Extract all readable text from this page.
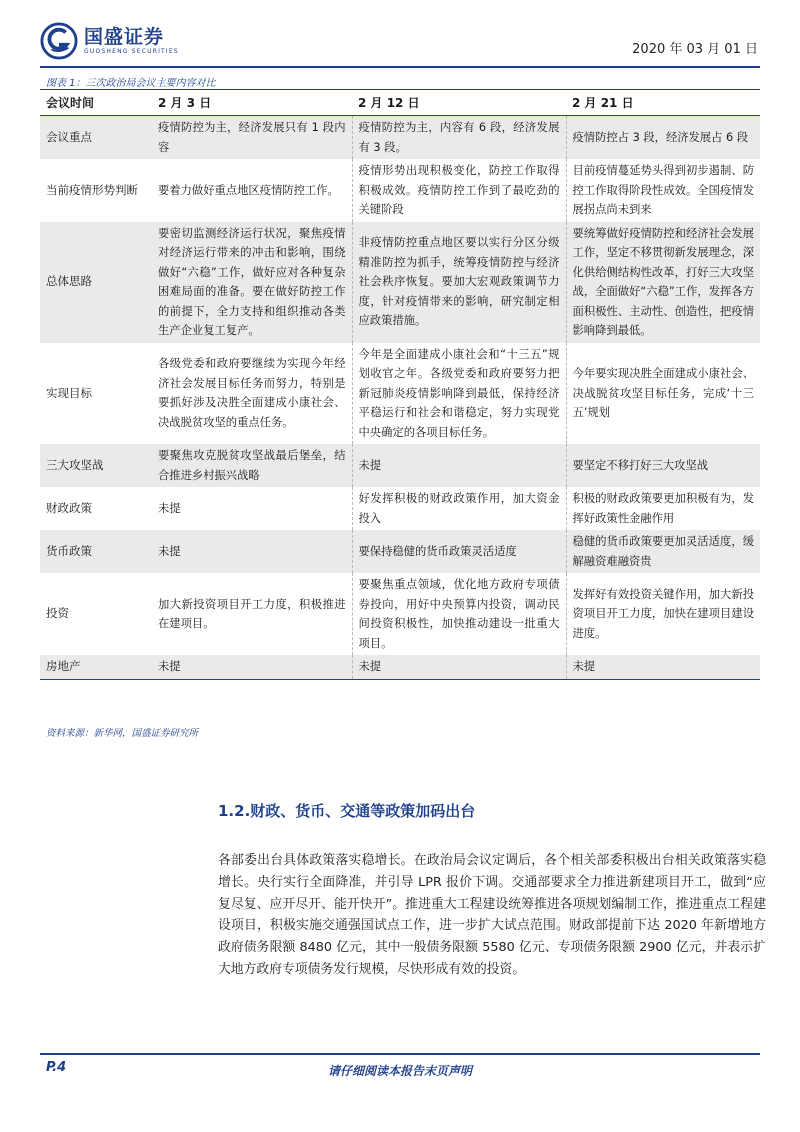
国盛证券
GUOSHENG SECURITIES	2020 年 03 月 01 日
图表 1：三次政治局会议主要内容对比
会议时间	2 月 3 日	2 月 12 日	2 月 21 日
会议重点	疫情防控为主，经济发展只有 1 段内容	疫情防控为主，内容有 6 段，经济发展有 3 段。	疫情防控占 3 段，经济发展占 6 段
当前疫情形势判断	要着力做好重点地区疫情防控工作。	疫情形势出现积极变化，防控工作取得积极成效。疫情防控工作到了最吃劲的关键阶段	目前疫情蔓延势头得到初步遏制、防控工作取得阶段性成效。全国疫情发展拐点尚未到来
总体思路	要密切监测经济运行状况，聚焦疫情对经济运行带来的冲击和影响，围绕做好“六稳”工作，做好应对各种复杂困难局面的准备。要在做好防控工作的前提下，全力支持和组织推动各类生产企业复工复产。	非疫情防控重点地区要以实行分区分级精准防控为抓手，统筹疫情防控与经济社会秩序恢复。要加大宏观政策调节力度，针对疫情带来的影响，研究制定相应政策措施。	要统筹做好疫情防控和经济社会发展工作，坚定不移贯彻新发展理念，深化供给侧结构性改革，打好三大攻坚战，全面做好“六稳”工作，发挥各方面积极性、主动性、创造性，把疫情影响降到最低。
实现目标	各级党委和政府要继续为实现今年经济社会发展目标任务而努力，特别是要抓好涉及决胜全面建成小康社会、决战脱贫攻坚的重点任务。	今年是全面建成小康社会和“十三五”规划收官之年。各级党委和政府要努力把新冠肺炎疫情影响降到最低，保持经济平稳运行和社会和谐稳定，努力实现党中央确定的各项目标任务。	今年要实现决胜全面建成小康社会、决战脱贫攻坚目标任务，完成‘十三五’规划
三大攻坚战	要聚焦攻克脱贫攻坚战最后堡垒，结合推进乡村振兴战略	未提	要坚定不移打好三大攻坚战
财政政策	未提	好发挥积极的财政政策作用，加大资金投入	积极的财政政策要更加积极有为，发挥好政策性金融作用
货币政策	未提	要保持稳健的货币政策灵活适度	稳健的货币政策要更加灵活适度，缓解融资难融资贵
投资	加大新投资项目开工力度，积极推进在建项目。	要聚焦重点领域，优化地方政府专项债券投向，用好中央预算内投资，调动民间投资积极性，加快推动建设一批重大项目。	发挥好有效投资关键作用，加大新投资项目开工力度，加快在建项目建设进度。
房地产	未提	未提	未提
资料来源：新华网，国盛证券研究所
1.2.财政、货币、交通等政策加码出台
各部委出台具体政策落实稳增长。在政治局会议定调后，各个相关部委积极出台相关政策落实稳增长。央行实行全面降准，并引导 LPR 报价下调。交通部要求全力推进新建项目开工，做到“应复尽复、应开尽开、能开快开”。推进重大工程建设统筹推进各项规划编制工作，推进重点工程建设项目，积极实施交通强国试点工作，进一步扩大试点范围。财政部提前下达 2020 年新增地方政府债务限额 8480 亿元，其中一般债务限额 5580 亿元、专项债务限额 2900 亿元，并表示扩大地方政府专项债务发行规模，尽快形成有效的投资。
P.4	请仔细阅读本报告末页声明
